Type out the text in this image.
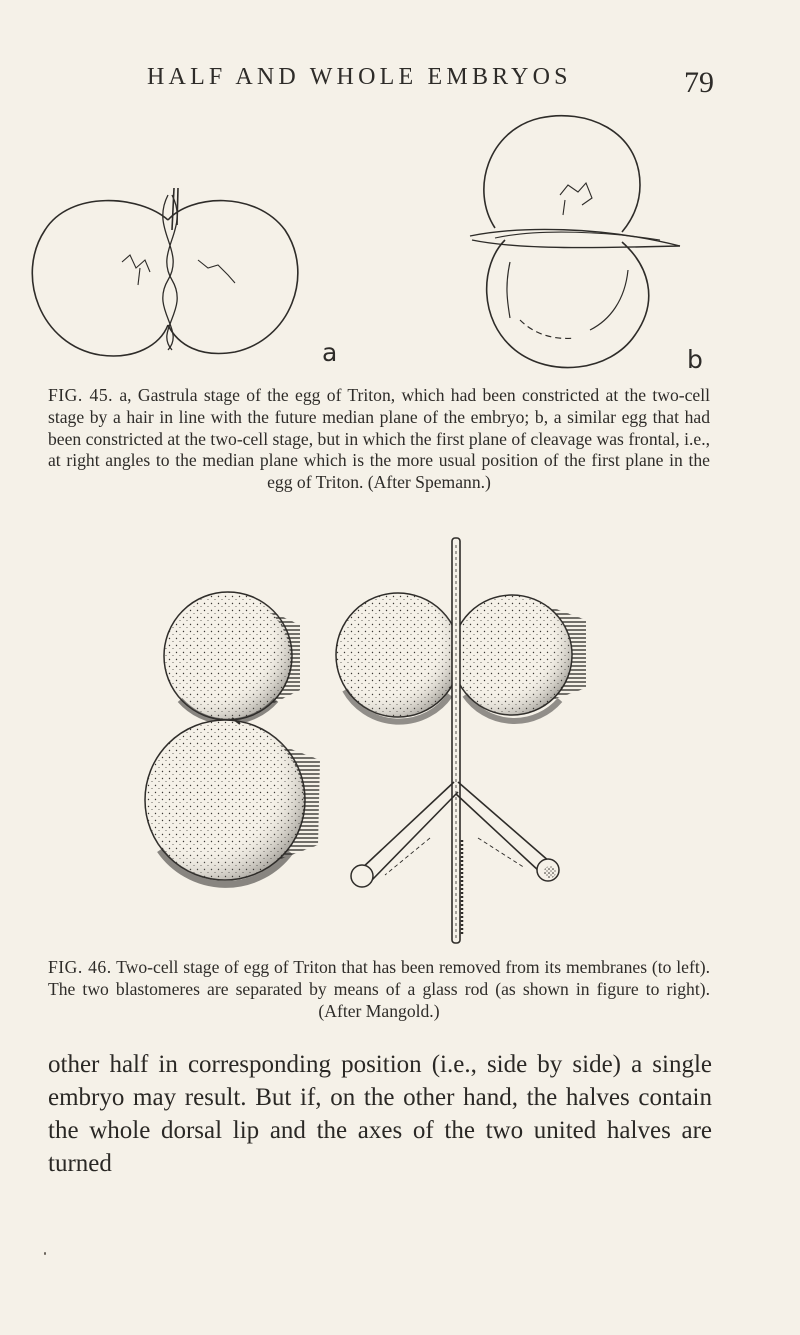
HALF AND WHOLE EMBRYOS	79
a	b
FIG. 45. a, Gastrula stage of the egg of Triton, which had been constricted at the two-cell stage by a hair in line with the future median plane of the embryo; b, a similar egg that had been constricted at the two-cell stage, but in which the first plane of cleavage was frontal, i.e., at right angles to the median plane which is the more usual position of the first plane in the egg of Triton. (After Spemann.)
FIG. 46. Two-cell stage of egg of Triton that has been removed from its membranes (to left). The two blastomeres are separated by means of a glass rod (as shown in figure to right). (After Mangold.)
other half in corresponding position (i.e., side by side) a single embryo may result. But if, on the other hand, the halves contain the whole dorsal lip and the axes of the two united halves are turned
